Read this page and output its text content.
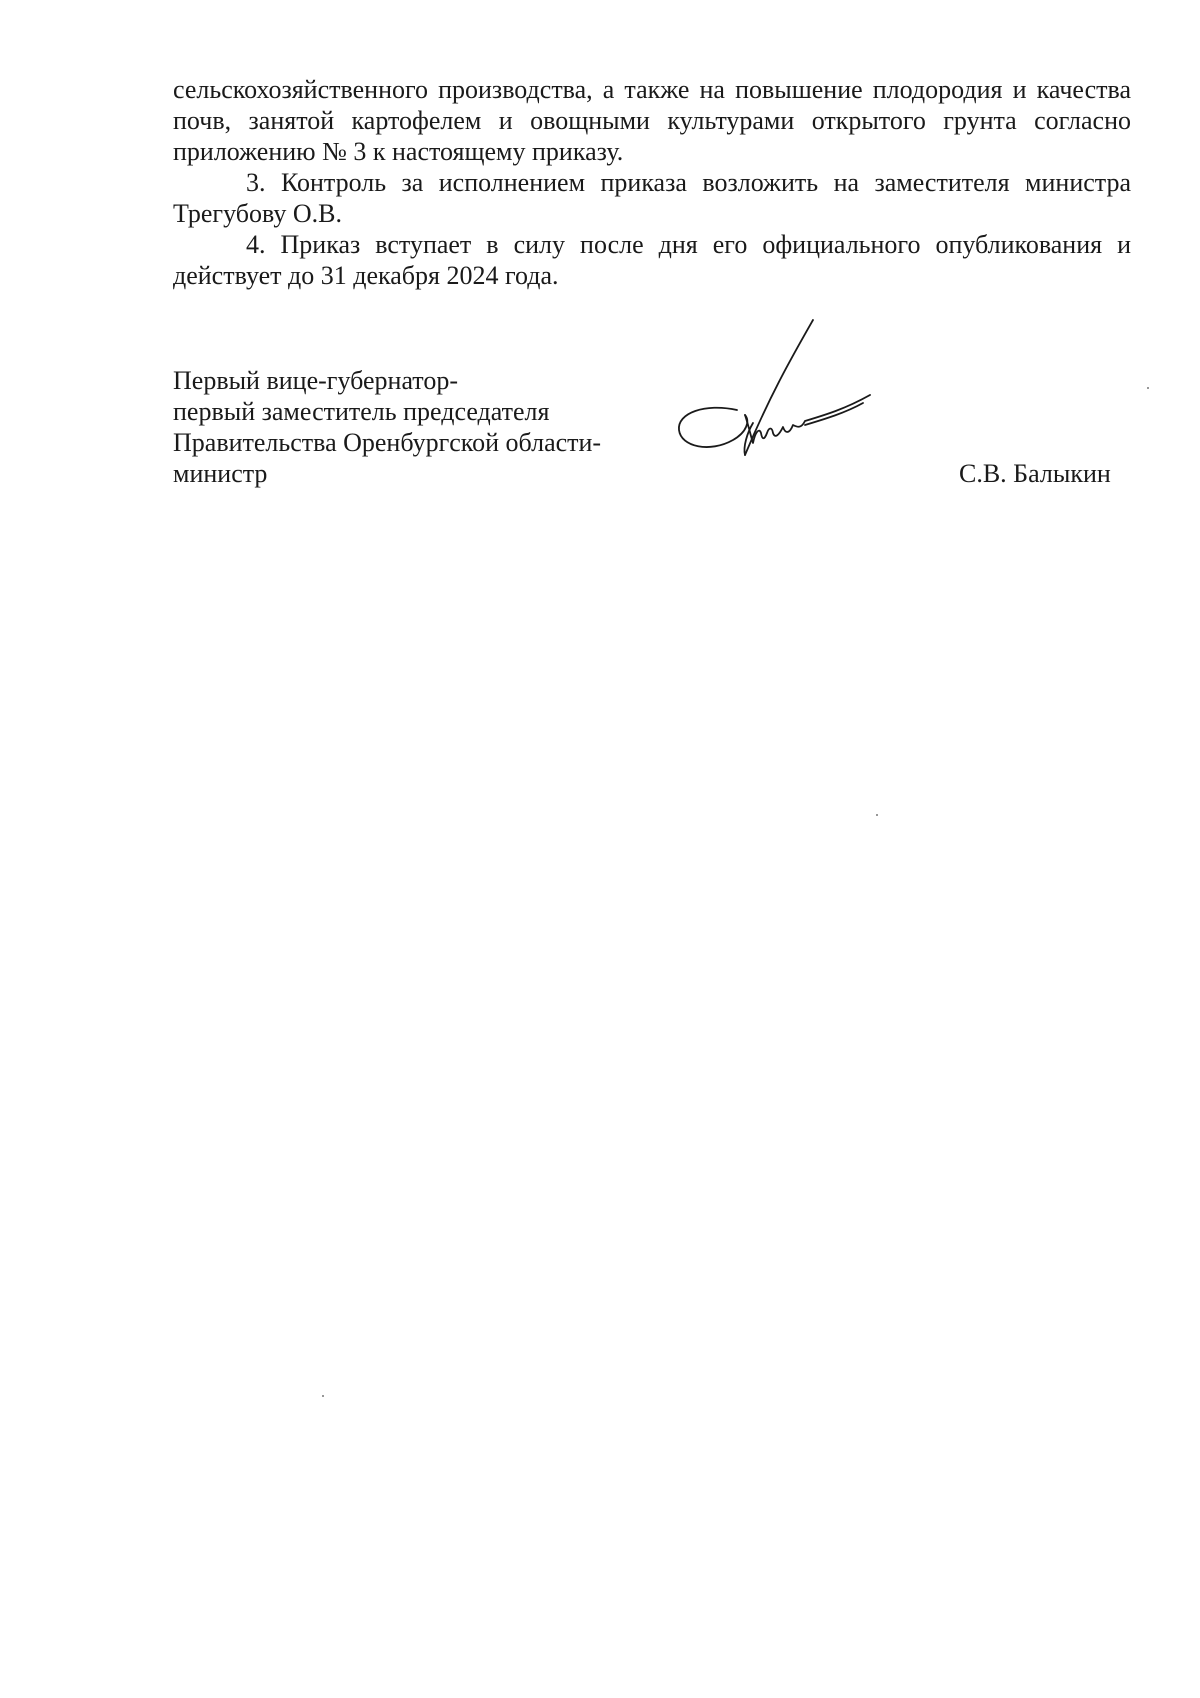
сельскохозяйственного производства, а также на повышение плодородия и качества почв, занятой картофелем и овощными культурами открытого грунта согласно приложению № 3 к настоящему приказу.

3. Контроль за исполнением приказа возложить на заместителя министра Трегубову О.В.

4. Приказ вступает в силу после дня его официального опубликования и действует до 31 декабря 2024 года.

Первый вице-губернатор-
первый заместитель председателя
Правительства Оренбургской области-
министр	С.В. Балыкин
